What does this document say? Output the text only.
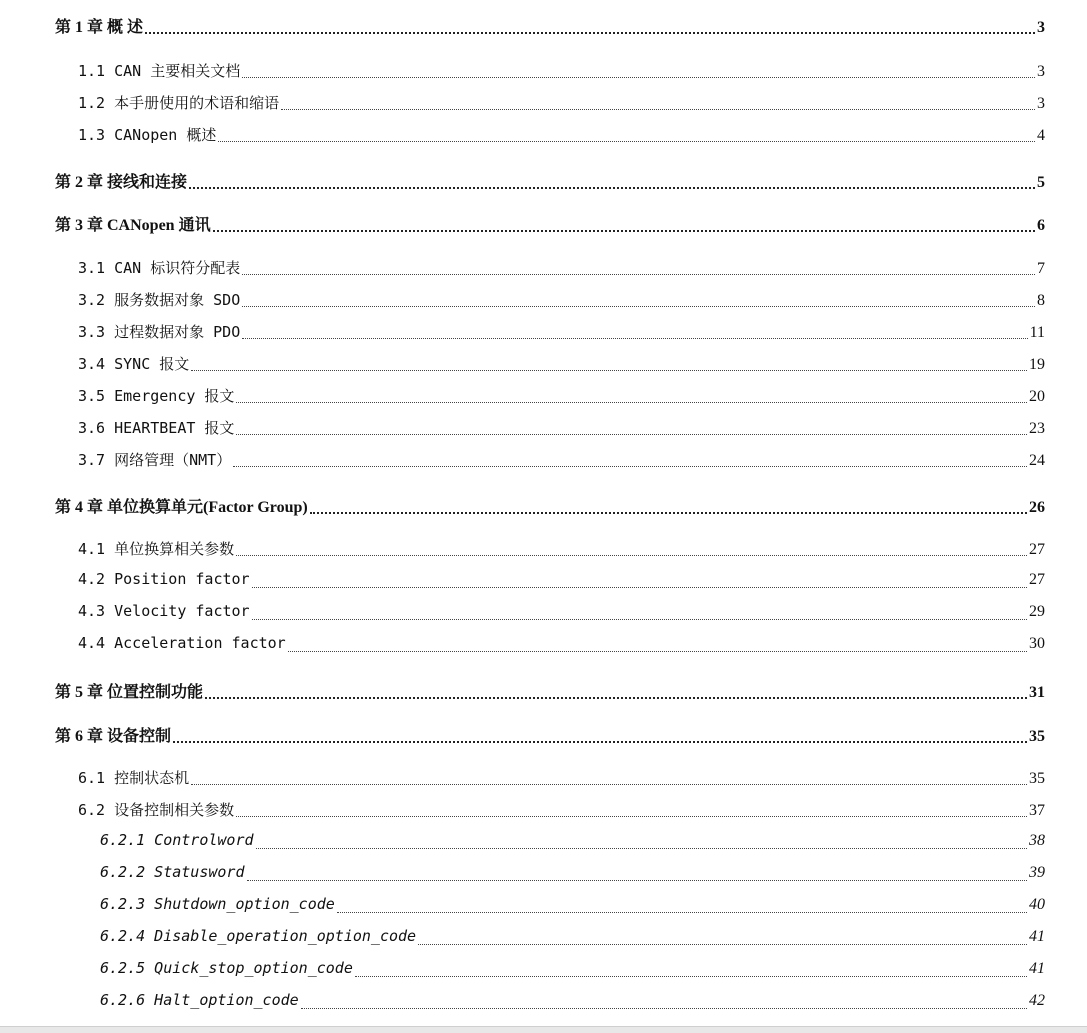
第 1 章 概 述	3
1.1 CAN 主要相关文档	3
1.2 本手册使用的术语和缩语	3
1.3 CANopen 概述	4
第 2 章 接线和连接	5
第 3 章 CANopen 通讯	6
3.1 CAN 标识符分配表	7
3.2 服务数据对象 SDO	8
3.3 过程数据对象 PDO	11
3.4 SYNC 报文	19
3.5 Emergency 报文	20
3.6 HEARTBEAT 报文	23
3.7 网络管理（NMT）	24
第 4 章 单位换算单元(Factor Group)	26
4.1 单位换算相关参数	27
4.2 Position factor	27
4.3 Velocity factor	29
4.4 Acceleration factor	30
第 5 章 位置控制功能	31
第 6 章 设备控制	35
6.1 控制状态机	35
6.2 设备控制相关参数	37
6.2.1 Controlword	38
6.2.2 Statusword	39
6.2.3 Shutdown_option_code	40
6.2.4 Disable_operation_option_code	41
6.2.5 Quick_stop_option_code	41
6.2.6 Halt_option_code	42
